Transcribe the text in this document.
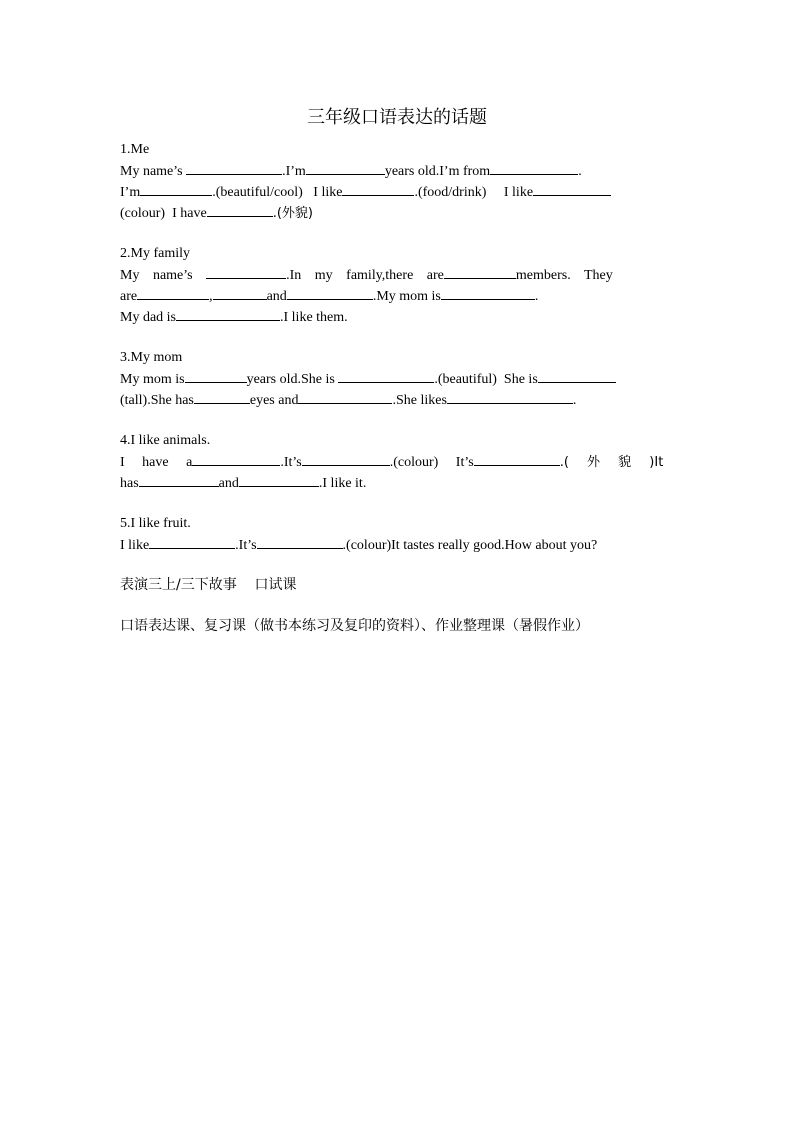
三年级口语表达的话题
1.Me
My name’s	.I’m	years old.I’m from	.
I’m	.(beautiful/cool)   I like	.(food/drink)     I like
(colour)  I have	.(外貌)
2.My family
My name’s	.In my family,there are	members. They
are	,	and	.My mom is	.
My dad is	.I like them.
3.My mom
My mom is	years old.She is	.(beautiful)  She is
(tall).She has	eyes and	.She likes	.
4.I like animals.
I have a	.It’s	.(colour) It’s	.( 外 貌 )It
has	and	.I like it.
5.I like fruit.
I like	.It’s	.(colour)It tastes really good.How about you?
表演三上/三下故事    口试课
口语表达课、复习课（做书本练习及复印的资料）、作业整理课（暑假作业）
